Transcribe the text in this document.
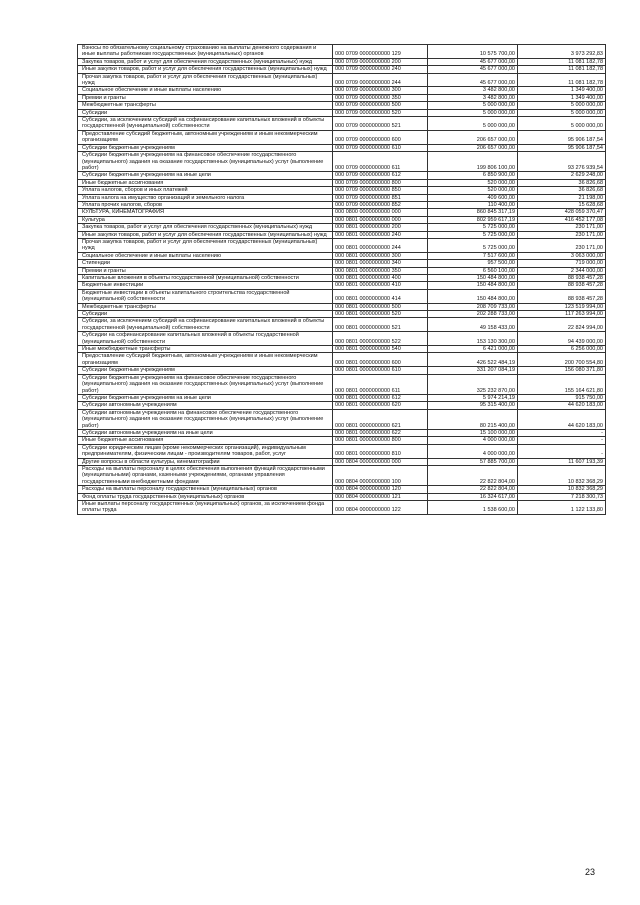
Взносы по обязательному социальному страхованию на выплаты денежного содержания и иные выплаты работникам государственных (муниципальных) органов	000 0709 0000000000 129	10 575 700,00	3 973 292,83
Закупка товаров, работ и услуг для обеспечения государственных (муниципальных) нужд	000 0709 0000000000 200	45 677 000,00	11 081 182,78
Иные закупки товаров, работ и услуг для обеспечения государственных (муниципальных) нужд	000 0709 0000000000 240	45 677 000,00	11 081 182,78
Прочая закупка товаров, работ и услуг для обеспечения государственных (муниципальных) нужд	000 0709 0000000000 244	45 677 000,00	11 081 182,78
Социальное обеспечение и иные выплаты населению	000 0709 0000000000 300	3 482 800,00	1 349 400,00
Премии и гранты	000 0709 0000000000 350	3 482 800,00	1 349 400,00
Межбюджетные трансферты	000 0709 0000000000 500	5 000 000,00	5 000 000,00
Субсидии	000 0709 0000000000 520	5 000 000,00	5 000 000,00
Субсидии, за исключением субсидий на софинансирование капитальных вложений в объекты государственной (муниципальной) собственности	000 0709 0000000000 521	5 000 000,00	5 000 000,00
Предоставление субсидий бюджетным, автономным учреждениям и иным некоммерческим организациям	000 0709 0000000000 600	206 657 000,00	95 906 187,54
Субсидии бюджетным учреждениям	000 0709 0000000000 610	206 657 000,00	95 906 187,54
Субсидии бюджетным учреждениям на финансовое обеспечение государственного (муниципального) задания на оказание государственных (муниципальных) услуг (выполнение работ)	000 0709 0000000000 611	199 806 100,00	93 276 939,54
Субсидии бюджетным учреждениям на иные цели	000 0709 0000000000 612	6 850 900,00	2 629 248,00
Иные бюджетные ассигнования	000 0709 0000000000 800	520 000,00	36 826,68
Уплата налогов, сборов и иных платежей	000 0709 0000000000 850	520 000,00	36 826,68
Уплата налога на имущество организаций и земельного налога	000 0709 0000000000 851	409 600,00	21 198,00
Уплата прочих налогов, сборов	000 0709 0000000000 852	110 400,00	15 628,68
КУЛЬТУРА, КИНЕМАТОГРАФИЯ	000 0800 0000000000 000	860 845 317,19	428 059 370,47
Культура	000 0801 0000000000 000	802 959 617,19	416 452 177,08
Закупка товаров, работ и услуг для обеспечения государственных (муниципальных) нужд	000 0801 0000000000 200	5 725 000,00	230 171,00
Иные закупки товаров, работ и услуг для обеспечения государственных (муниципальных) нужд	000 0801 0000000000 240	5 725 000,00	230 171,00
Прочая закупка товаров, работ и услуг для обеспечения государственных (муниципальных) нужд	000 0801 0000000000 244	5 725 000,00	230 171,00
Социальное обеспечение и иные выплаты населению	000 0801 0000000000 300	7 517 600,00	3 063 000,00
Стипендии	000 0801 0000000000 340	957 500,00	719 000,00
Премии и гранты	000 0801 0000000000 350	6 560 100,00	2 344 000,00
Капитальные вложения в объекты государственной (муниципальной) собственности	000 0801 0000000000 400	150 484 800,00	88 938 457,28
Бюджетные инвестиции	000 0801 0000000000 410	150 484 800,00	88 938 457,28
Бюджетные инвестиции в объекты капитального строительства государственной (муниципальной) собственности	000 0801 0000000000 414	150 484 800,00	88 938 457,28
Межбюджетные трансферты	000 0801 0000000000 500	208 709 733,00	123 519 994,00
Субсидии	000 0801 0000000000 520	202 288 733,00	117 263 994,00
Субсидии, за исключением субсидий на софинансирование капитальных вложений в объекты государственной (муниципальной) собственности	000 0801 0000000000 521	49 158 433,00	22 824 994,00
Субсидии на софинансирование капитальных вложений в объекты государственной (муниципальной) собственности	000 0801 0000000000 522	153 130 300,00	94 439 000,00
Иные межбюджетные трансферты	000 0801 0000000000 540	6 421 000,00	6 256 000,00
Предоставление субсидий бюджетным, автономным учреждениям и иным некоммерческим организациям	000 0801 0000000000 600	426 522 484,19	200 700 554,80
Субсидии бюджетным учреждениям	000 0801 0000000000 610	331 207 084,19	156 080 371,80
Субсидии бюджетным учреждениям на финансовое обеспечение государственного (муниципального) задания на оказание государственных (муниципальных) услуг (выполнение работ)	000 0801 0000000000 611	325 232 870,00	155 164 621,80
Субсидии бюджетным учреждениям на иные цели	000 0801 0000000000 612	5 974 214,19	915 750,00
Субсидии автономным учреждениям	000 0801 0000000000 620	95 315 400,00	44 620 183,00
Субсидии автономным учреждениям на финансовое обеспечение государственного (муниципального) задания на оказание государственных (муниципальных) услуг (выполнение работ)	000 0801 0000000000 621	80 215 400,00	44 620 183,00
Субсидии автономным учреждениям на иные цели	000 0801 0000000000 622	15 100 000,00	-
Иные бюджетные ассигнования	000 0801 0000000000 800	4 000 000,00	-
Субсидии юридическим лицам (кроме некоммерческих организаций), индивидуальным предпринимателям, физическим лицам - производителям товаров, работ, услуг	000 0801 0000000000 810	4 000 000,00	-
Другие вопросы в области культуры, кинематографии	000 0804 0000000000 000	57 885 700,00	11 607 193,39
Расходы на выплаты персоналу в целях обеспечения выполнения функций государственными (муниципальными) органами, казенными учреждениями, органами управления государственными внебюджетными фондами	000 0804 0000000000 100	22 822 804,00	10 832 368,29
Расходы на выплаты персоналу государственных (муниципальных) органов	000 0804 0000000000 120	22 822 804,00	10 832 368,29
Фонд оплаты труда государственных (муниципальных) органов	000 0804 0000000000 121	16 324 617,00	7 218 300,73
Иные выплаты персоналу государственных (муниципальных) органов, за исключением фонда оплаты труда	000 0804 0000000000 122	1 538 600,00	1 122 133,80
23
